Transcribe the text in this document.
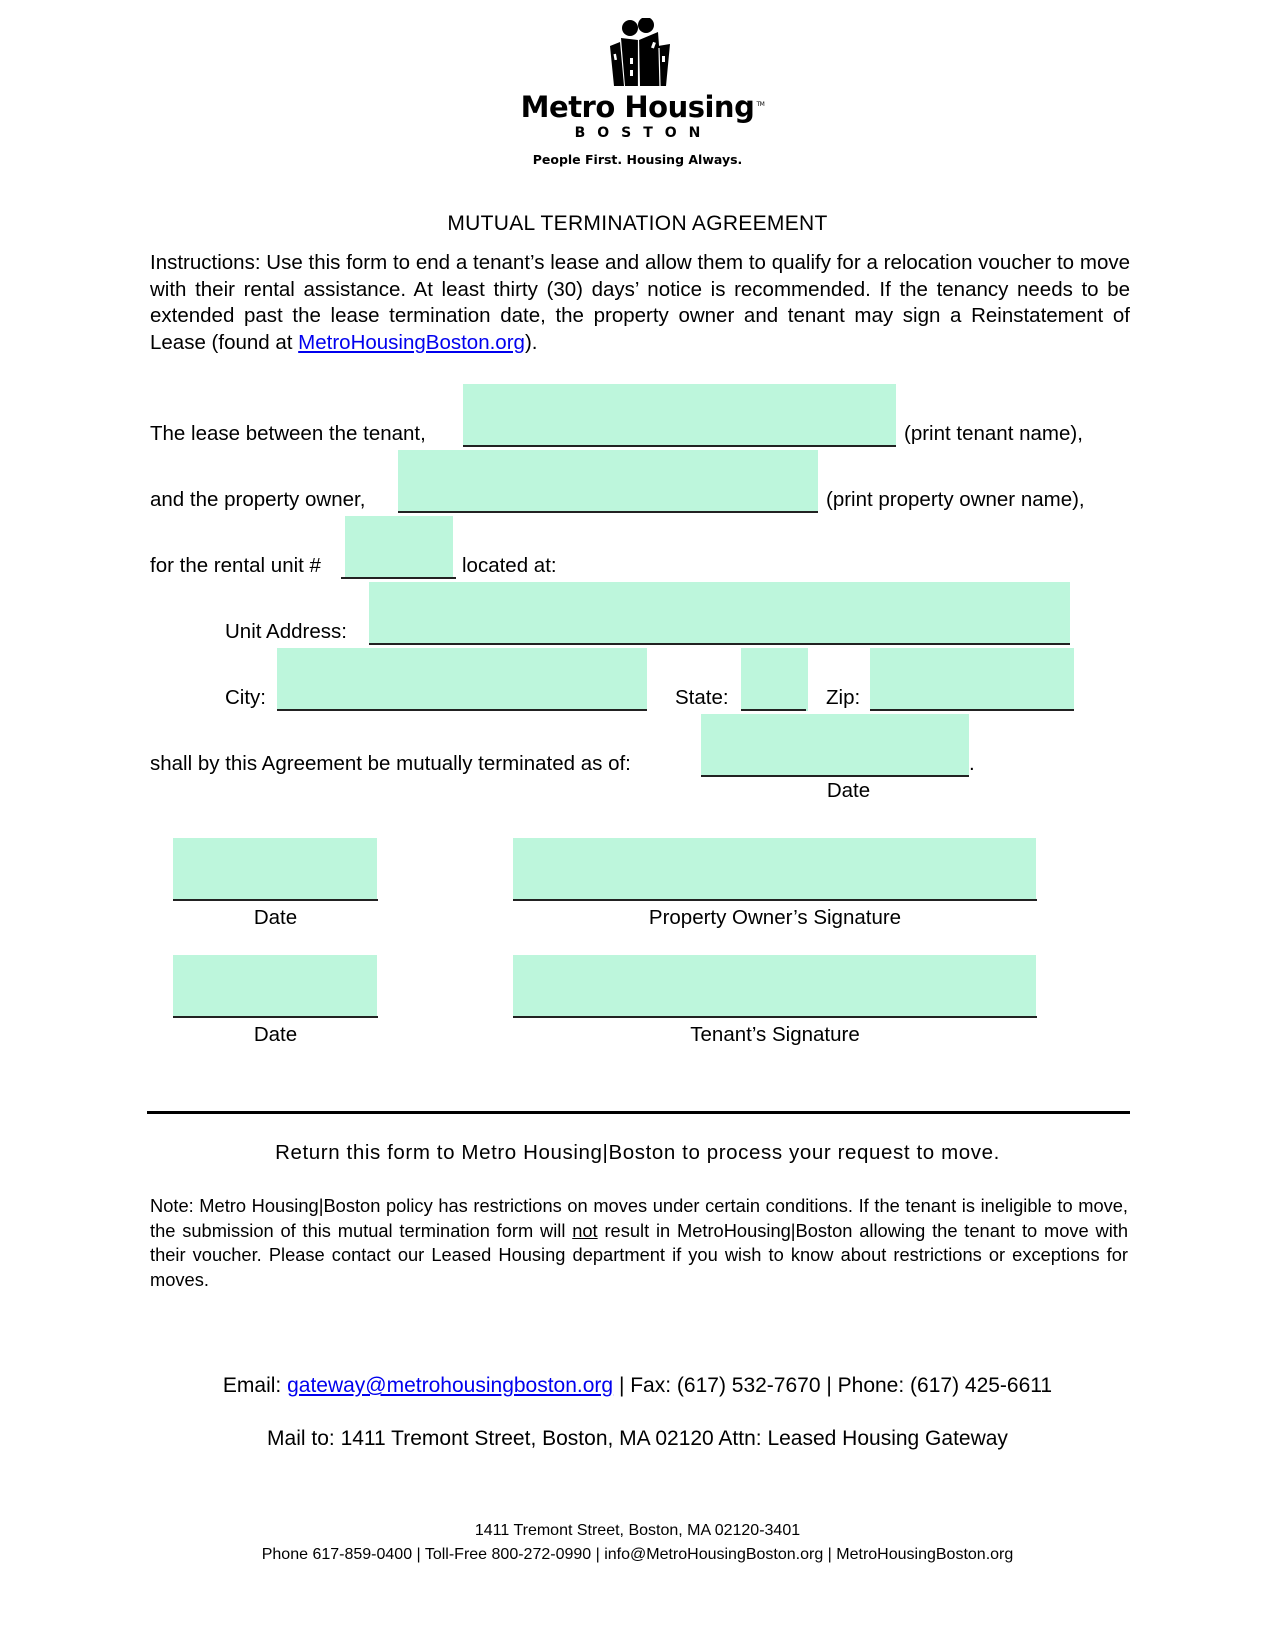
Metro Housing TM
BOSTON
People First. Housing Always.
MUTUAL TERMINATION AGREEMENT
Instructions: Use this form to end a tenant’s lease and allow them to qualify for a relocation voucher to move with their rental assistance. At least thirty (30) days’ notice is recommended. If the tenancy needs to be extended past the lease termination date, the property owner and tenant may sign a Reinstatement of Lease (found at MetroHousingBoston.org).
The lease between the tenant,	(print tenant name),
and the property owner,	(print property owner name),
for the rental unit #	located at:
Unit Address:
City:	State:	Zip:
shall by this Agreement be mutually terminated as of:	.
Date
Date	Property Owner’s Signature
Date	Tenant’s Signature
Return this form to Metro Housing|Boston to process your request to move.
Note: Metro Housing|Boston policy has restrictions on moves under certain conditions. If the tenant is ineligible to move, the submission of this mutual termination form will not result in MetroHousing|Boston allowing the tenant to move with their voucher. Please contact our Leased Housing department if you wish to know about restrictions or exceptions for moves.
Email: gateway@metrohousingboston.org | Fax: (617) 532-7670 | Phone: (617) 425-6611
Mail to: 1411 Tremont Street, Boston, MA 02120 Attn: Leased Housing Gateway
1411 Tremont Street, Boston, MA 02120-3401
Phone 617-859-0400 | Toll-Free 800-272-0990 | info@MetroHousingBoston.org | MetroHousingBoston.org
